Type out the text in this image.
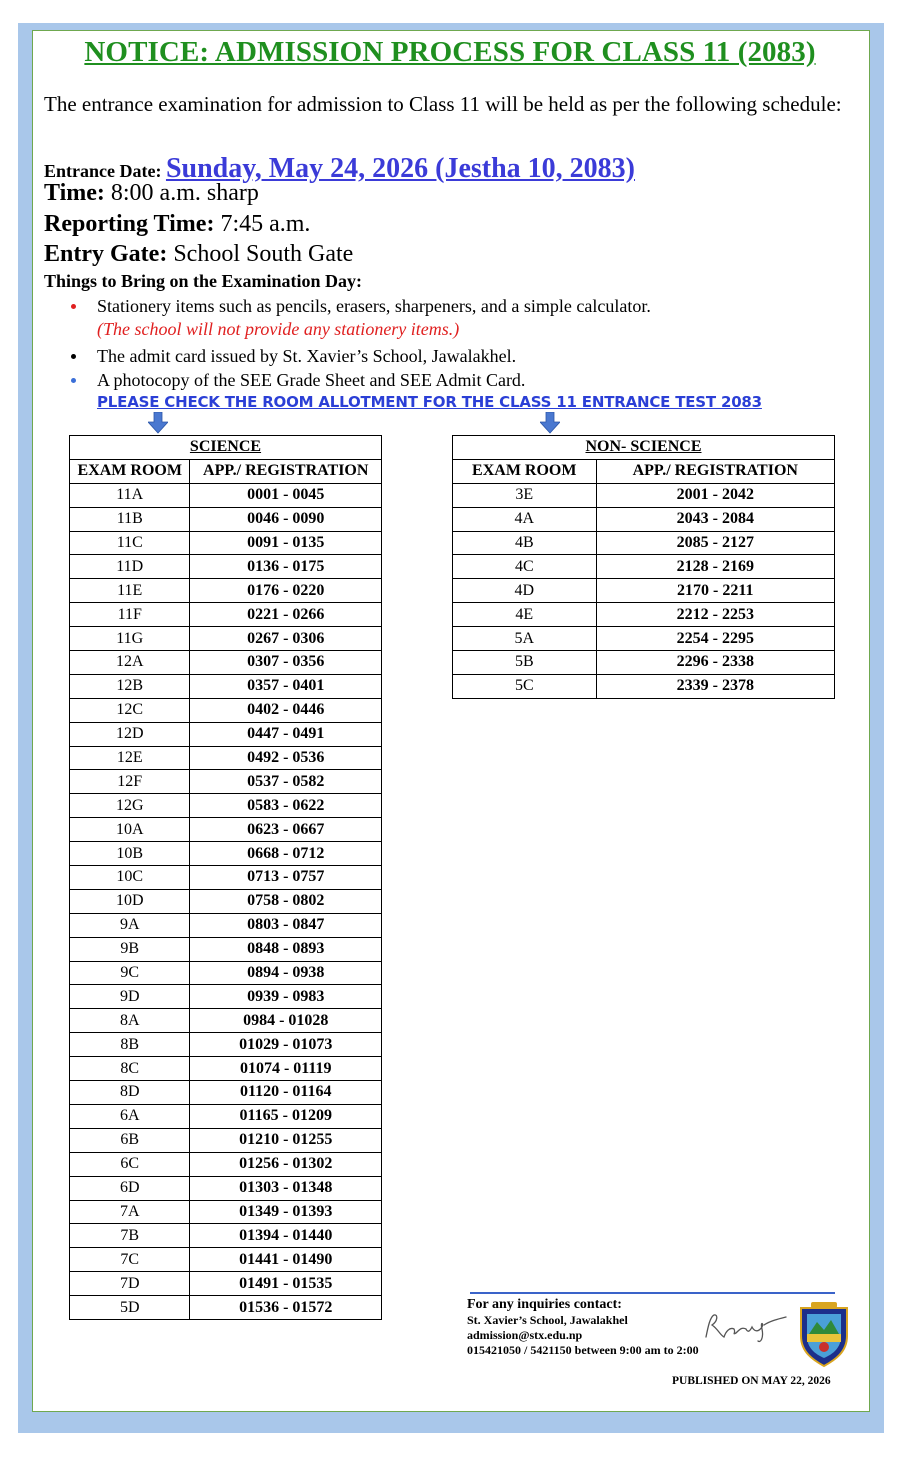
NOTICE: ADMISSION PROCESS FOR CLASS 11 (2083)
The entrance examination for admission to Class 11 will be held as per the following schedule:
Entrance Date: Sunday, May 24, 2026 (Jestha 10, 2083)
Time: 8:00 a.m. sharp
Reporting Time: 7:45 a.m.
Entry Gate: School South Gate
Things to Bring on the Examination Day:
Stationery items such as pencils, erasers, sharpeners, and a simple calculator.
(The school will not provide any stationery items.)
The admit card issued by St. Xavier’s School, Jawalakhel.
A photocopy of the SEE Grade Sheet and SEE Admit Card.
PLEASE CHECK THE ROOM ALLOTMENT FOR THE CLASS 11 ENTRANCE TEST 2083
SCIENCE	
EXAM ROOM	APP./ REGISTRATION
11A	0001 - 0045
11B	0046 - 0090
11C	0091 - 0135
11D	0136 - 0175
11E	0176 - 0220
11F	0221 - 0266
11G	0267 - 0306
12A	0307 - 0356
12B	0357 - 0401
12C	0402 - 0446
12D	0447 - 0491
12E	0492 - 0536
12F	0537 - 0582
12G	0583 - 0622
10A	0623 - 0667
10B	0668 - 0712
10C	0713 - 0757
10D	0758 - 0802
9A	0803 - 0847
9B	0848 - 0893
9C	0894 - 0938
9D	0939 - 0983
8A	0984 - 01028
8B	01029 - 01073
8C	01074 - 01119
8D	01120 - 01164
6A	01165 - 01209
6B	01210 - 01255
6C	01256 - 01302
6D	01303 - 01348
7A	01349 - 01393
7B	01394 - 01440
7C	01441 - 01490
7D	01491 - 01535
5D	01536 - 01572
NON- SCIENCE	
EXAM ROOM	APP./ REGISTRATION
3E	2001 - 2042
4A	2043 - 2084
4B	2085 - 2127
4C	2128 - 2169
4D	2170 - 2211
4E	2212 - 2253
5A	2254 - 2295
5B	2296 - 2338
5C	2339 - 2378
For any inquiries contact:
St. Xavier’s School, Jawalakhel
admission@stx.edu.np
015421050 / 5421150 between 9:00 am to 2:00
PUBLISHED ON MAY 22, 2026
